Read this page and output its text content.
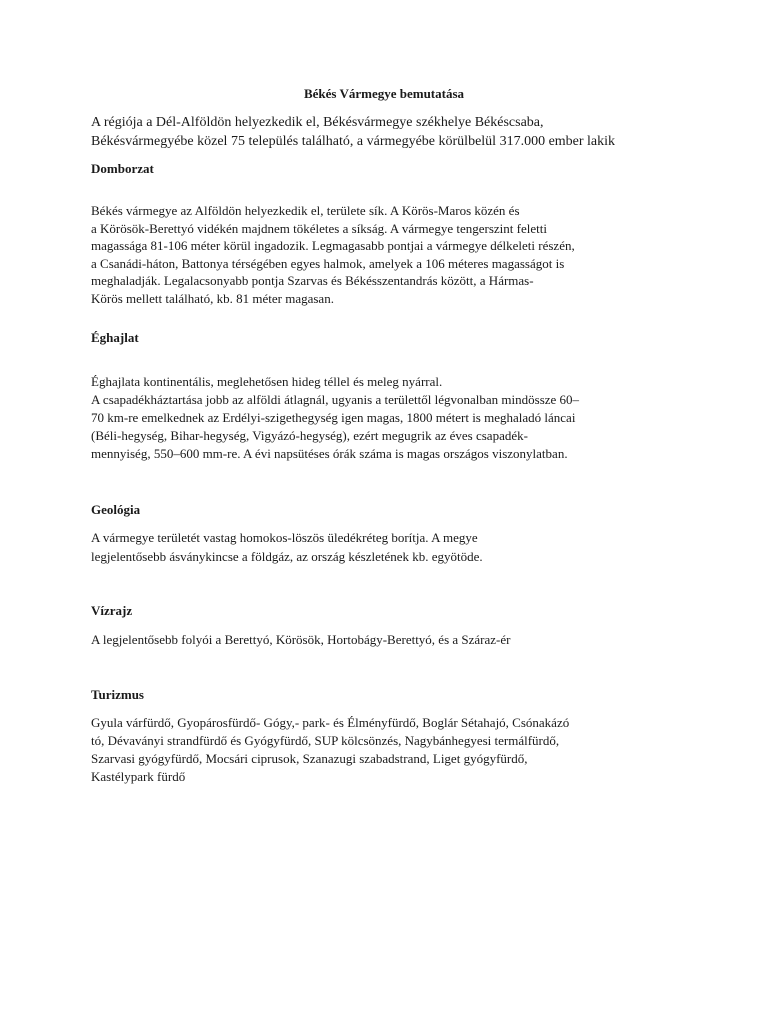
Békés Vármegye bemutatása
A régiója a Dél-Alföldön helyezkedik el, Békésvármegye székhelye Békéscsaba,
Békésvármegyébe közel 75 település található, a vármegyébe körülbelül 317.000 ember lakik
Domborzat
Békés vármegye az Alföldön helyezkedik el, területe sík. A Körös-Maros közén és
a Körösök-Berettyó vidékén majdnem tökéletes a síkság. A vármegye tengerszint feletti
magassága 81-106 méter körül ingadozik. Legmagasabb pontjai a vármegye délkeleti részén,
a Csanádi-háton, Battonya térségében egyes halmok, amelyek a 106 méteres magasságot is
meghaladják. Legalacsonyabb pontja Szarvas és Békésszentandrás között, a Hármas-
Körös mellett található, kb. 81 méter magasan.
Éghajlat
Éghajlata kontinentális, meglehetősen hideg téllel és meleg nyárral.
A csapadékháztartása jobb az alföldi átlagnál, ugyanis a területtől légvonalban mindössze 60–
70 km-re emelkednek az Erdélyi-szigethegység igen magas, 1800 métert is meghaladó láncai
(Béli-hegység, Bihar-hegység, Vigyázó-hegység), ezért megugrik az éves csapadék-
mennyiség, 550–600 mm-re. A évi napsütéses órák száma is magas országos viszonylatban.
Geológia
A vármegye területét vastag homokos-löszös üledékréteg borítja. A megye
legjelentősebb ásványkincse a földgáz, az ország készletének kb. egyötöde.
Vízrajz
A legjelentősebb folyói a Berettyó, Körösök, Hortobágy-Berettyó, és a Száraz-ér
Turizmus
Gyula várfürdő, Gyopárosfürdő- Gógy,- park- és Élményfürdő, Boglár Sétahajó, Csónakázó
tó, Dévaványi strandfürdő és Gyógyfürdő, SUP kölcsönzés, Nagybánhegyesi termálfürdő,
Szarvasi gyógyfürdő, Mocsári ciprusok, Szanazugi szabadstrand, Liget gyógyfürdő,
Kastélypark fürdő
